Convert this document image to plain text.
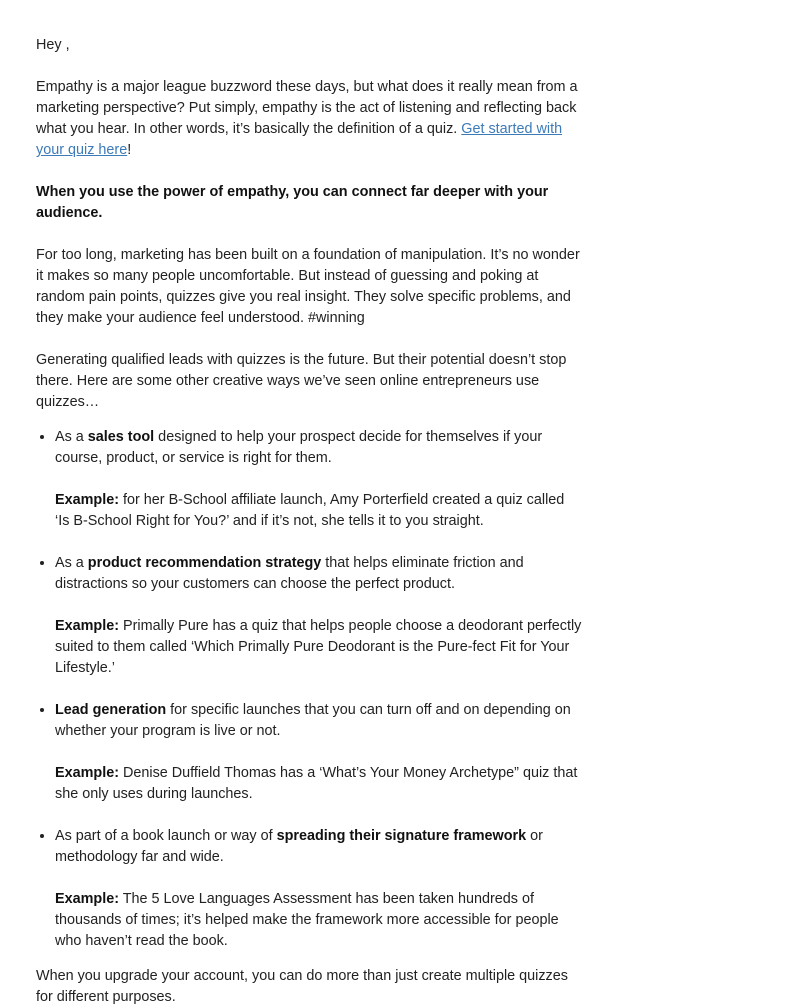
Hey ,

Empathy is a major league buzzword these days, but what does it really mean from a marketing perspective? Put simply, empathy is the act of listening and reflecting back what you hear. In other words, it’s basically the definition of a quiz. Get started with your quiz here!

When you use the power of empathy, you can connect far deeper with your audience.

For too long, marketing has been built on a foundation of manipulation. It’s no wonder it makes so many people uncomfortable. But instead of guessing and poking at random pain points, quizzes give you real insight. They solve specific problems, and they make your audience feel understood. #winning

Generating qualified leads with quizzes is the future. But their potential doesn’t stop there. Here are some other creative ways we’ve seen online entrepreneurs use quizzes…

• As a sales tool designed to help your prospect decide for themselves if your course, product, or service is right for them.
Example: for her B-School affiliate launch, Amy Porterfield created a quiz called ‘Is B-School Right for You?’ and if it’s not, she tells it to you straight.
• As a product recommendation strategy that helps eliminate friction and distractions so your customers can choose the perfect product.
Example: Primally Pure has a quiz that helps people choose a deodorant perfectly suited to them called ‘Which Primally Pure Deodorant is the Pure-fect Fit for Your Lifestyle.’
• Lead generation for specific launches that you can turn off and on depending on whether your program is live or not.
Example: Denise Duffield Thomas has a ‘What’s Your Money Archetype” quiz that she only uses during launches.
• As part of a book launch or way of spreading their signature framework or methodology far and wide.
Example: The 5 Love Languages Assessment has been taken hundreds of thousands of times; it’s helped make the framework more accessible for people who haven’t read the book.

When you upgrade your account, you can do more than just create multiple quizzes for different purposes.
